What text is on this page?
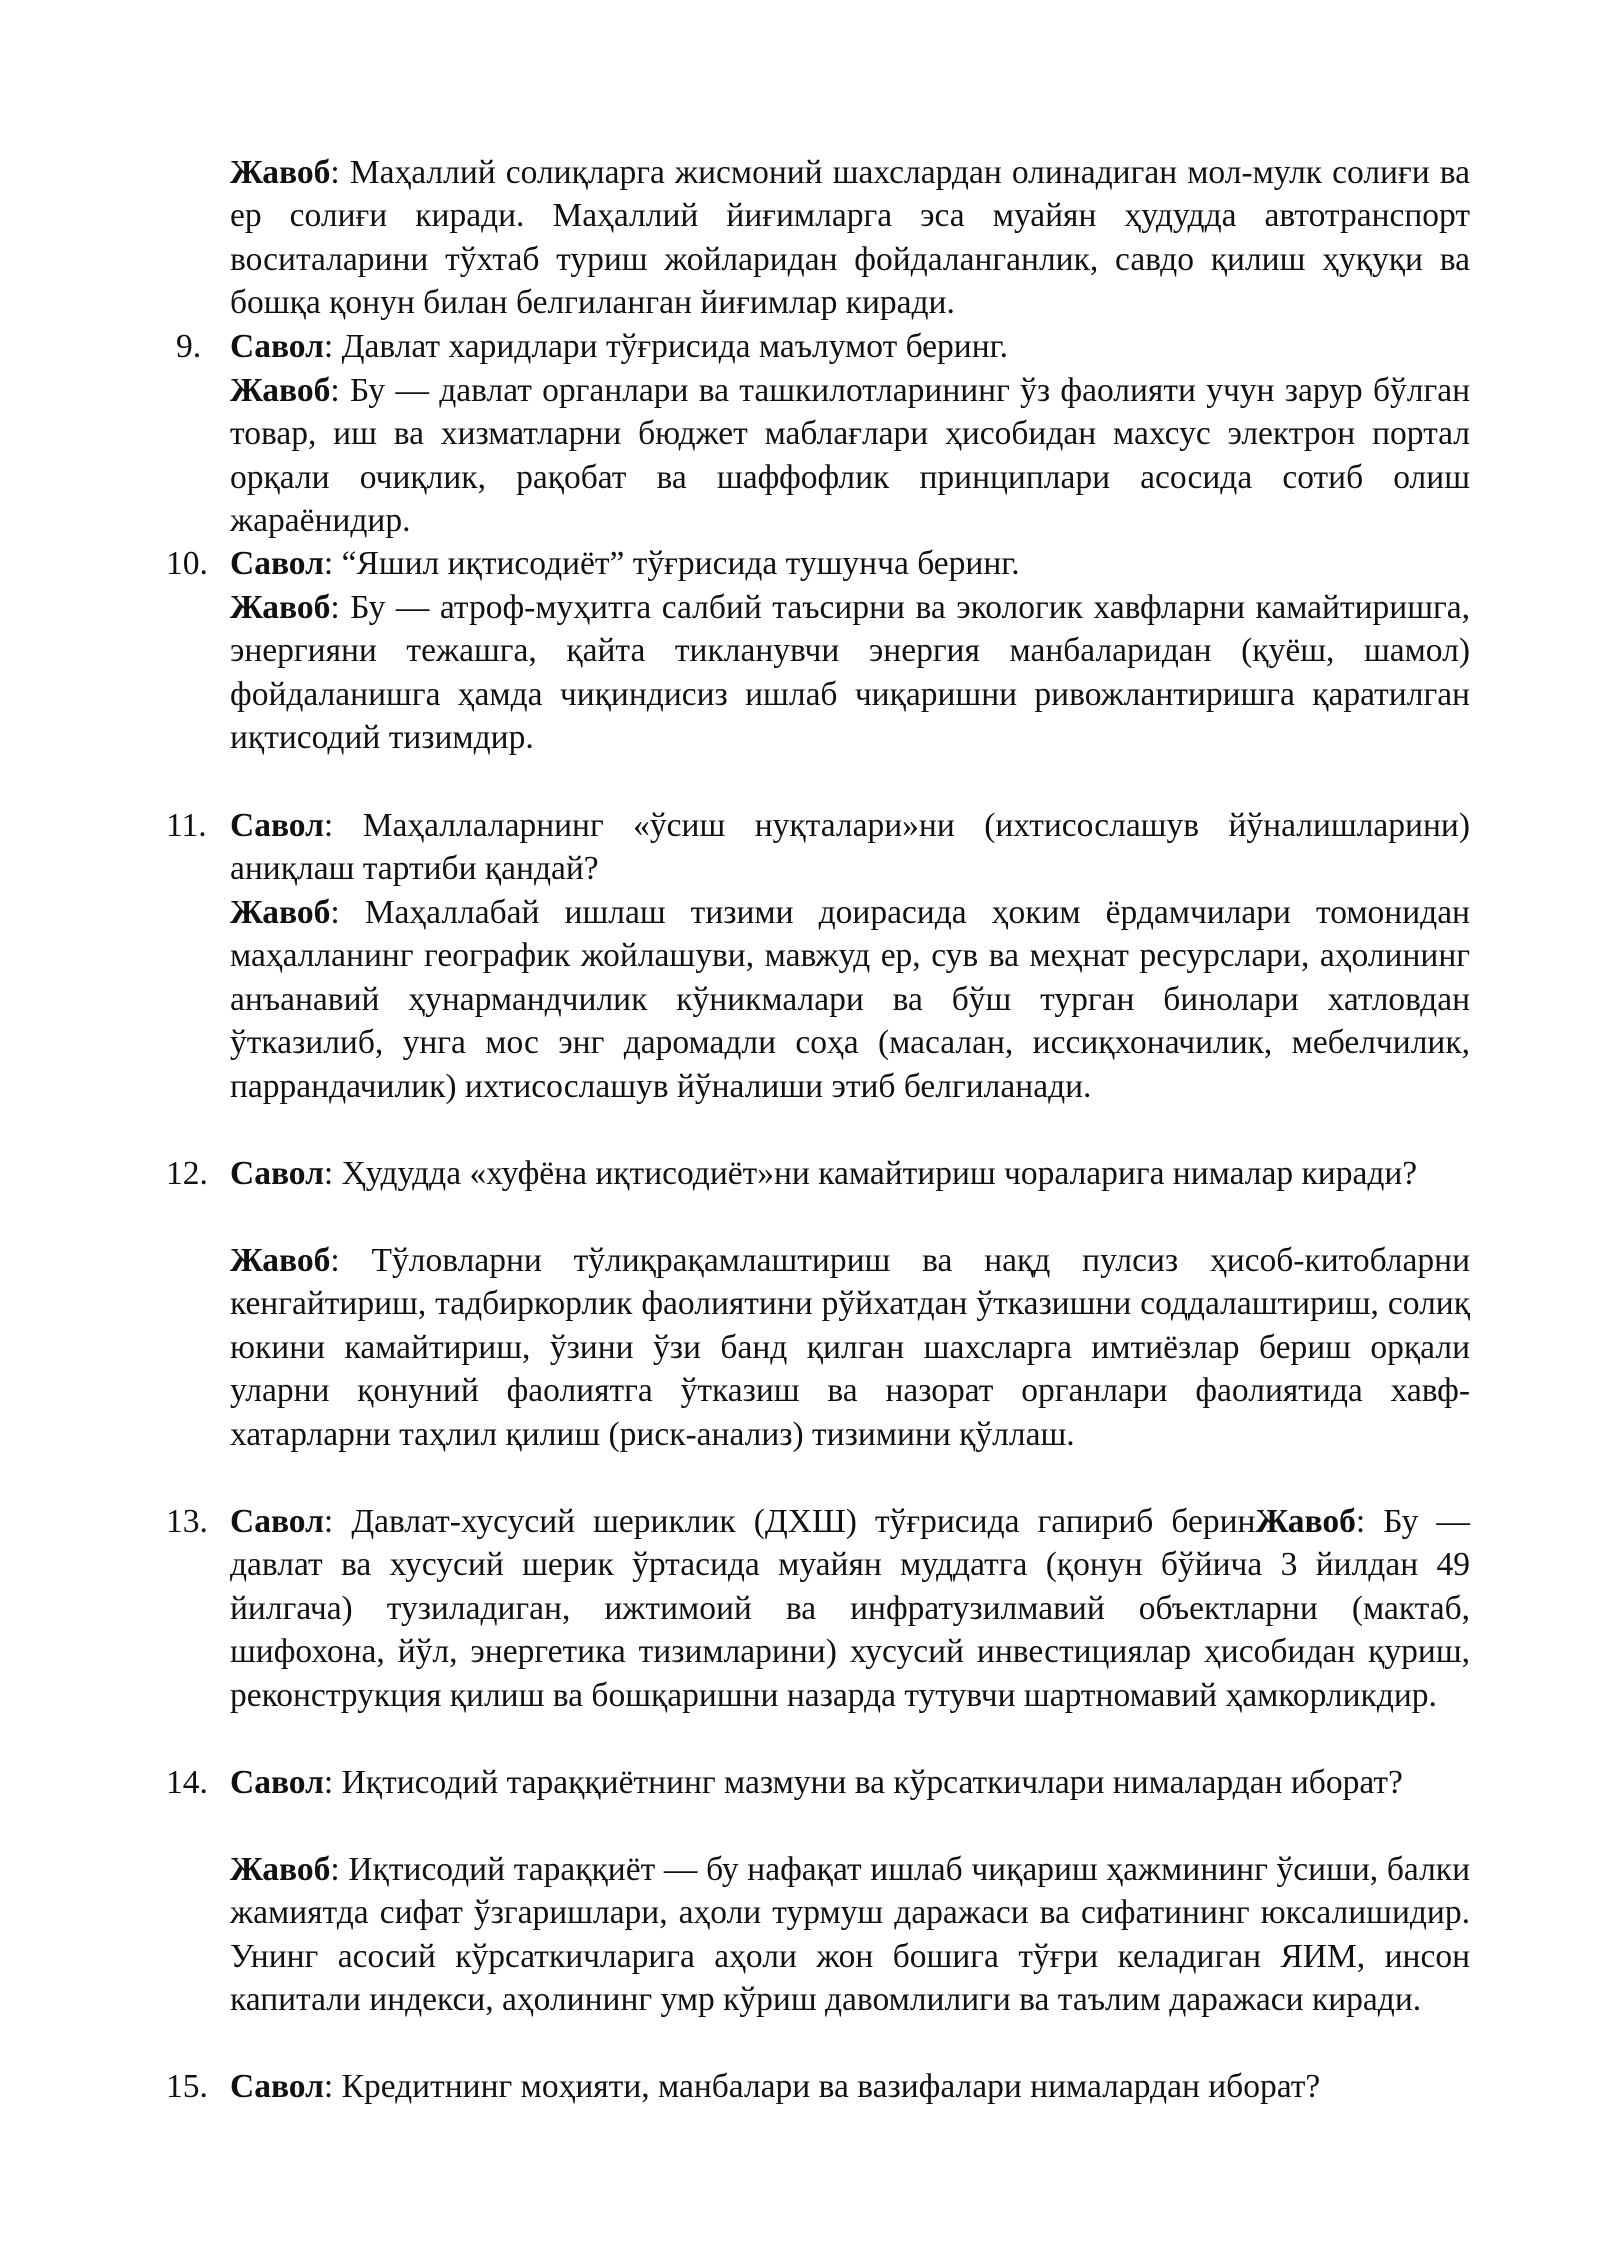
Жавоб: Маҳаллий солиқларга жисмоний шахслардан олинадиган мол-мулк солиғи ва ер солиғи киради. Маҳаллий йиғимларга эса муайян ҳудудда автотранспорт воситаларини тўхтаб туриш жойларидан фойдаланганлик, савдо қилиш ҳуқуқи ва бошқа қонун билан белгиланган йиғимлар киради.

9. Савол: Давлат харидлари тўғрисида маълумот беринг.

Жавоб: Бу — давлат органлари ва ташкилотларининг ўз фаолияти учун зарур бўлган товар, иш ва хизматларни бюджет маблағлари ҳисобидан махсус электрон портал орқали очиқлик, рақобат ва шаффофлик принциплари асосида сотиб олиш жараёнидир.

10. Савол: “Яшил иқтисодиёт” тўғрисида тушунча беринг.

Жавоб: Бу — атроф-муҳитга салбий таъсирни ва экологик хавфларни камайтиришга, энергияни тежашга, қайта тикланувчи энергия манбаларидан (қуёш, шамол) фойдаланишга ҳамда чиқиндисиз ишлаб чиқаришни ривожлантиришга қаратилган иқтисодий тизимдир.

11. Савол: Маҳаллаларнинг «ўсиш нуқталари»ни (ихтисослашув йўналишларини) аниқлаш тартиби қандай?

Жавоб: Маҳаллабай ишлаш тизими доирасида ҳоким ёрдамчилари томонидан маҳалланинг географик жойлашуви, мавжуд ер, сув ва меҳнат ресурслари, аҳолининг анъанавий ҳунармандчилик кўникмалари ва бўш турган бинолари хатловдан ўтказилиб, унга мос энг даромадли соҳа (масалан, иссиқхоначилик, мебелчилик, паррандачилик) ихтисослашув йўналиши этиб белгиланади.

12. Савол: Ҳудудда «хуфёна иқтисодиёт»ни камайтириш чораларига нималар киради?

Жавоб: Тўловларни тўлиқрақамлаштириш ва нақд пулсиз ҳисоб-китобларни кенгайтириш, тадбиркорлик фаолиятини рўйхатдан ўтказишни соддалаштириш, солиқ юкини камайтириш, ўзини ўзи банд қилган шахсларга имтиёзлар бериш орқали уларни қонуний фаолиятга ўтказиш ва назорат органлари фаолиятида хавф-хатарларни таҳлил қилиш (риск-анализ) тизимини қўллаш.

13. Савол: Давлат-хусусий шериклик (ДХШ) тўғрисида гапириб беринЖавоб: Бу — давлат ва хусусий шерик ўртасида муайян муддатга (қонун бўйича 3 йилдан 49 йилгача) тузиладиган, ижтимоий ва инфратузилмавий объектларни (мактаб, шифохона, йўл, энергетика тизимларини) хусусий инвестициялар ҳисобидан қуриш, реконструкция қилиш ва бошқаришни назарда тутувчи шартномавий ҳамкорликдир.

14. Савол: Иқтисодий тараққиётнинг мазмуни ва кўрсаткичлари нималардан иборат?

Жавоб: Иқтисодий тараққиёт — бу нафақат ишлаб чиқариш ҳажмининг ўсиши, балки жамиятда сифат ўзгаришлари, аҳоли турмуш даражаси ва сифатининг юксалишидир. Унинг асосий кўрсаткичларига аҳоли жон бошига тўғри келадиган ЯИМ, инсон капитали индекси, аҳолининг умр кўриш давомлилиги ва таълим даражаси киради.

15. Савол: Кредитнинг моҳияти, манбалари ва вазифалари нималардан иборат?
